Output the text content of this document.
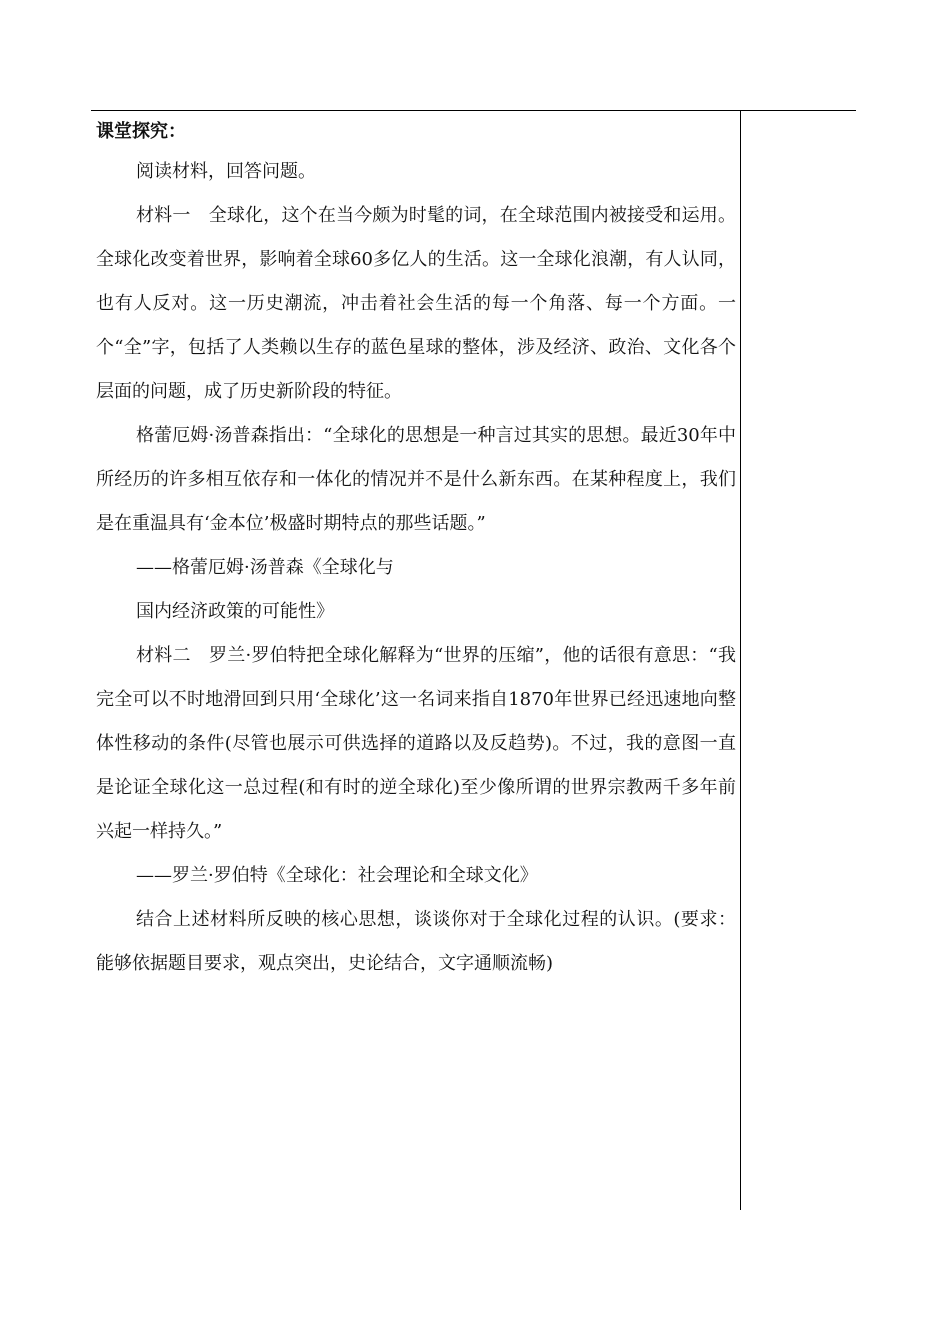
课堂探究：

阅读材料，回答问题。

材料一　全球化，这个在当今颇为时髦的词，在全球范围内被接受和运用。全球化改变着世界，影响着全球60多亿人的生活。这一全球化浪潮，有人认同，也有人反对。这一历史潮流，冲击着社会生活的每一个角落、每一个方面。一个“全”字，包括了人类赖以生存的蓝色星球的整体，涉及经济、政治、文化各个层面的问题，成了历史新阶段的特征。

格蕾厄姆·汤普森指出：“全球化的思想是一种言过其实的思想。最近30年中所经历的许多相互依存和一体化的情况并不是什么新东西。在某种程度上，我们是在重温具有‘金本位’极盛时期特点的那些话题。”

——格蕾厄姆·汤普森《全球化与

国内经济政策的可能性》

材料二　罗兰·罗伯特把全球化解释为“世界的压缩”，他的话很有意思：“我完全可以不时地滑回到只用‘全球化’这一名词来指自1870年世界已经迅速地向整体性移动的条件(尽管也展示可供选择的道路以及反趋势)。不过，我的意图一直是论证全球化这一总过程(和有时的逆全球化)至少像所谓的世界宗教两千多年前兴起一样持久。”

——罗兰·罗伯特《全球化：社会理论和全球文化》

结合上述材料所反映的核心思想，谈谈你对于全球化过程的认识。(要求：能够依据题目要求，观点突出，史论结合，文字通顺流畅)
